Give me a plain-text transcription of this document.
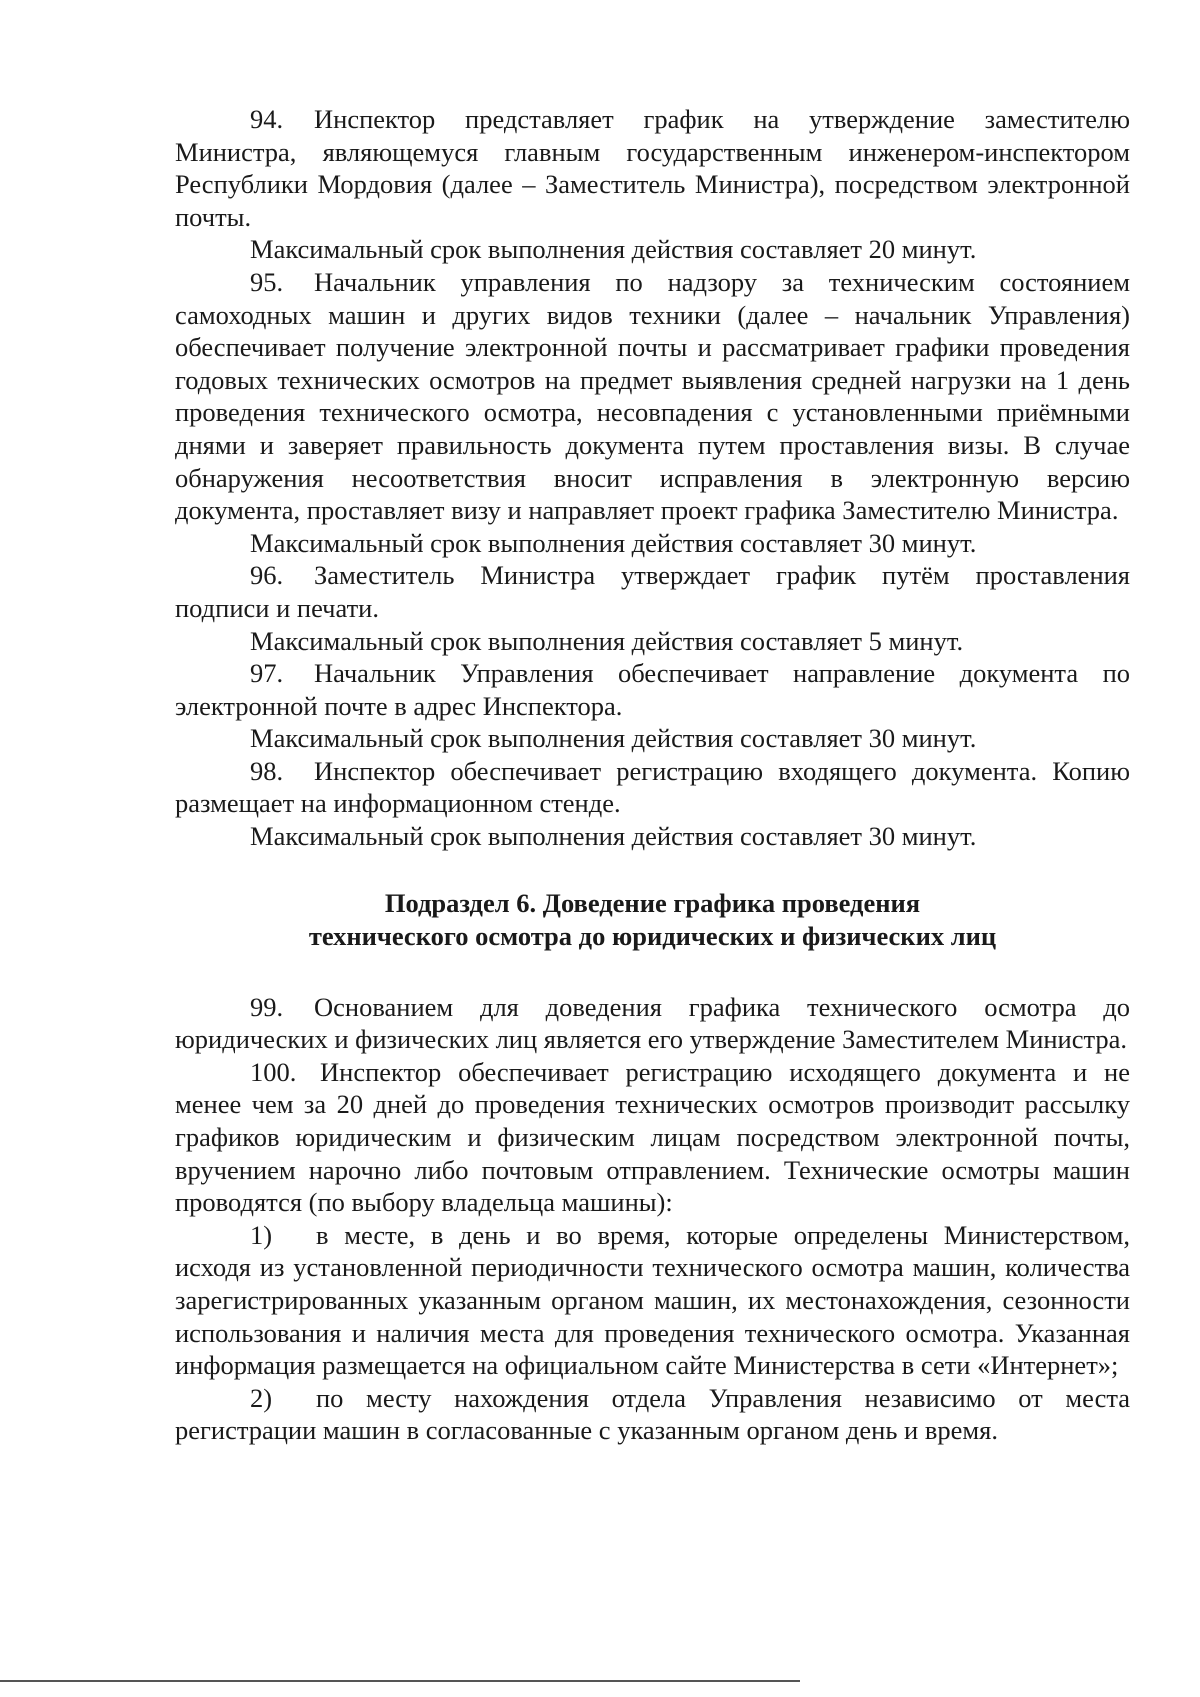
94. Инспектор представляет график на утверждение заместителю Министра, являющемуся главным государственным инженером-инспектором Республики Мордовия (далее – Заместитель Министра), посредством электронной почты.

Максимальный срок выполнения действия составляет 20 минут.

95. Начальник управления по надзору за техническим состоянием самоходных машин и других видов техники (далее – начальник Управления) обеспечивает получение электронной почты и рассматривает графики проведения годовых технических осмотров на предмет выявления средней нагрузки на 1 день проведения технического осмотра, несовпадения с установленными приёмными днями и заверяет правильность документа путем проставления визы. В случае обнаружения несоответствия вносит исправления в электронную версию документа, проставляет визу и направляет проект графика Заместителю Министра.

Максимальный срок выполнения действия составляет 30 минут.

96. Заместитель Министра утверждает график путём проставления подписи и печати.

Максимальный срок выполнения действия составляет 5 минут.

97. Начальник Управления обеспечивает направление документа по электронной почте в адрес Инспектора.

Максимальный срок выполнения действия составляет 30 минут.

98. Инспектор обеспечивает регистрацию входящего документа. Копию размещает на информационном стенде.

Максимальный срок выполнения действия составляет 30 минут.

Подраздел 6. Доведение графика проведения
технического осмотра до юридических и физических лиц

99. Основанием для доведения графика технического осмотра до юридических и физических лиц является его утверждение Заместителем Министра.

100. Инспектор обеспечивает регистрацию исходящего документа и не менее чем за 20 дней до проведения технических осмотров производит рассылку графиков юридическим и физическим лицам посредством электронной почты, вручением нарочно либо почтовым отправлением. Технические осмотры машин проводятся (по выбору владельца машины):

1) в месте, в день и во время, которые определены Министерством, исходя из установленной периодичности технического осмотра машин, количества зарегистрированных указанным органом машин, их местонахождения, сезонности использования и наличия места для проведения технического осмотра. Указанная информация размещается на официальном сайте Министерства в сети «Интернет»;

2) по месту нахождения отдела Управления независимо от места регистрации машин в согласованные с указанным органом день и время.
